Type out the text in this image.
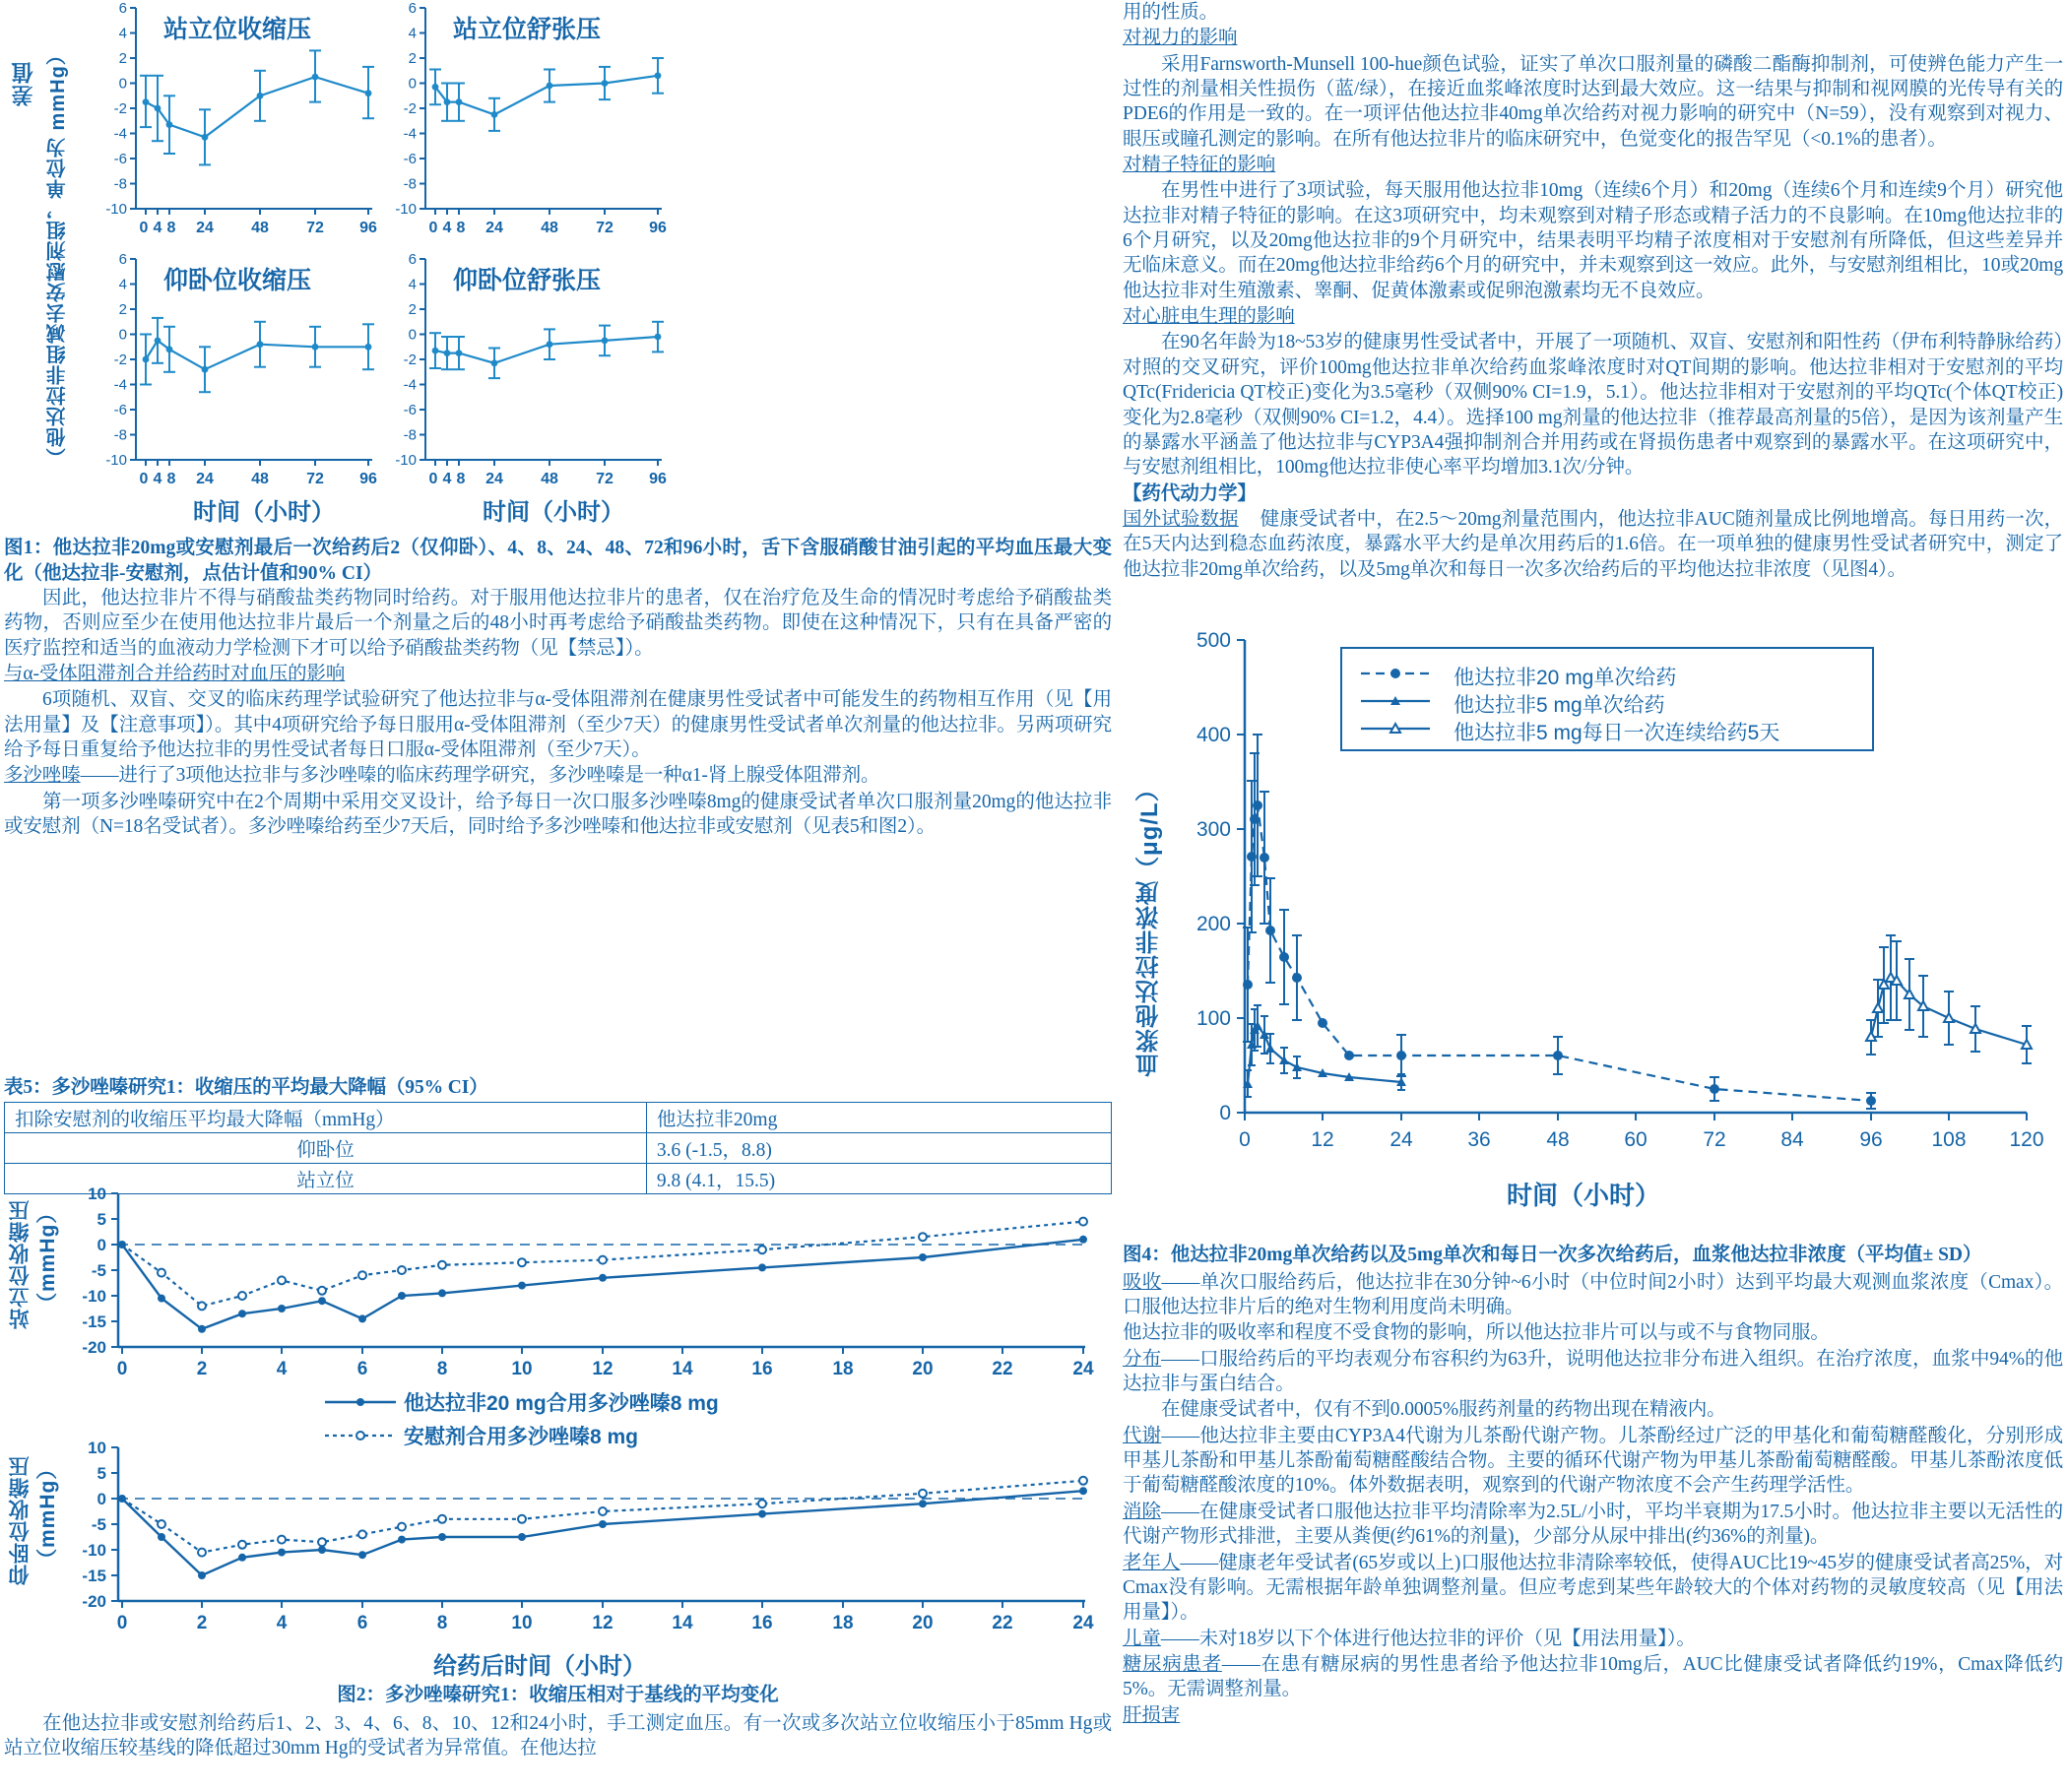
差值 （他达拉非组减去安慰剂组，单位为 mmHg）
站立位收缩压
6
4
2
0
-2
-4
-6
-8
-10
0 4 8 24 48 72 96
站立位舒张压
6
4
2
0
-2
-4
-6
-8
-10
0 4 8 24 48 72 96
仰卧位收缩压
6
4
2
0
-2
-4
-6
-8
-10
0 4 8 24 48 72 96
仰卧位舒张压
6
4
2
0
-2
-4
-6
-8
-10
0 4 8 24 48 72 96
时间（小时）	时间（小时）
图1：他达拉非20mg或安慰剂最后一次给药后2（仅仰卧）、4、8、24、48、72和96小时，舌下含服硝酸甘油引起的平均血压最大变化（他达拉非-安慰剂，点估计值和90% CI）

因此，他达拉非片不得与硝酸盐类药物同时给药。对于服用他达拉非片的患者，仅在治疗危及生命的情况时考虑给予硝酸盐类药物，否则应至少在使用他达拉非片最后一个剂量之后的48小时再考虑给予硝酸盐类药物。即使在这种情况下，只有在具备严密的医疗监控和适当的血液动力学检测下才可以给予硝酸盐类药物（见【禁忌】）。

与α-受体阻滞剂合并给药时对血压的影响

6项随机、双盲、交叉的临床药理学试验研究了他达拉非与α-受体阻滞剂在健康男性受试者中可能发生的药物相互作用（见【用法用量】及【注意事项】）。其中4项研究给予每日服用α-受体阻滞剂（至少7天）的健康男性受试者单次剂量的他达拉非。另两项研究给予每日重复给予他达拉非的男性受试者每日口服α-受体阻滞剂（至少7天）。

多沙唑嗪——进行了3项他达拉非与多沙唑嗪的临床药理学研究，多沙唑嗪是一种α1-肾上腺受体阻滞剂。

第一项多沙唑嗪研究中在2个周期中采用交叉设计，给予每日一次口服多沙唑嗪8mg的健康受试者单次口服剂量20mg的他达拉非或安慰剂（N=18名受试者）。多沙唑嗪给药至少7天后，同时给予多沙唑嗪和他达拉非或安慰剂（见表5和图2）。

表5：多沙唑嗪研究1：收缩压的平均最大降幅（95% CI）
扣除安慰剂的收缩压平均最大降幅（mmHg）	他达拉非20mg
仰卧位	3.6 (-1.5，8.8)
站立位	9.8 (4.1，15.5)
站立位收缩压 （mmHg）
10
5
0
-5
-10
-15
-20
0	2	4	6	8	10	12	14	16	18	20	22	24
他达拉非20 mg合用多沙唑嗪8 mg
安慰剂合用多沙唑嗪8 mg
仰卧位收缩压 （mmHg）
10
5
0
-5
-10
-15
-20
0	2	4	6	8	10	12	14	16	18	20	22	24
给药后时间（小时）
图2：多沙唑嗪研究1：收缩压相对于基线的平均变化

在他达拉非或安慰剂给药后1、2、3、4、6、8、10、12和24小时，手工测定血压。有一次或多次站立位收缩压小于85mm Hg或站立位收缩压较基线的降低超过30mm Hg的受试者为异常值。在他达拉

用的性质。

对视力的影响

采用Farnsworth-Munsell 100-hue颜色试验，证实了单次口服剂量的磷酸二酯酶抑制剂，可使辨色能力产生一过性的剂量相关性损伤（蓝/绿），在接近血浆峰浓度时达到最大效应。这一结果与抑制和视网膜的光传导有关的PDE6的作用是一致的。在一项评估他达拉非40mg单次给药对视力影响的研究中（N=59），没有观察到对视力、眼压或瞳孔测定的影响。在所有他达拉非片的临床研究中，色觉变化的报告罕见（<0.1%的患者）。

对精子特征的影响

在男性中进行了3项试验，每天服用他达拉非10mg（连续6个月）和20mg（连续6个月和连续9个月）研究他达拉非对精子特征的影响。在这3项研究中，均未观察到对精子形态或精子活力的不良影响。在10mg他达拉非的6个月研究，以及20mg他达拉非的9个月研究中，结果表明平均精子浓度相对于安慰剂有所降低，但这些差异并无临床意义。而在20mg他达拉非给药6个月的研究中，并未观察到这一效应。此外，与安慰剂组相比，10或20mg他达拉非对生殖激素、睾酮、促黄体激素或促卵泡激素均无不良效应。

对心脏电生理的影响

在90名年龄为18~53岁的健康男性受试者中，开展了一项随机、双盲、安慰剂和阳性药（伊布利特静脉给药）对照的交叉研究，评价100mg他达拉非单次给药血浆峰浓度时对QT间期的影响。他达拉非相对于安慰剂的平均QTc(Fridericia QT校正)变化为3.5毫秒（双侧90% CI=1.9，5.1）。他达拉非相对于安慰剂的平均QTc(个体QT校正)变化为2.8毫秒（双侧90% CI=1.2，4.4）。选择100 mg剂量的他达拉非（推荐最高剂量的5倍），是因为该剂量产生的暴露水平涵盖了他达拉非与CYP3A4强抑制剂合并用药或在肾损伤患者中观察到的暴露水平。在这项研究中，与安慰剂组相比，100mg他达拉非使心率平均增加3.1次/分钟。

【药代动力学】

国外试验数据 健康受试者中，在2.5～20mg剂量范围内，他达拉非AUC随剂量成比例地增高。每日用药一次，在5天内达到稳态血药浓度，暴露水平大约是单次用药后的1.6倍。在一项单独的健康男性受试者研究中，测定了他达拉非20mg单次给药，以及5mg单次和每日一次多次给药后的平均他达拉非浓度（见图4）。

血浆他达拉非浓度（μg/L）
0
100
200
300
400
500
0	12	24	36	48	60	72	84	96 108 120
他达拉非20 mg单次给药
他达拉非5 mg单次给药
他达拉非5 mg每日一次连续给药5天
时间（小时）
图4：他达拉非20mg单次给药以及5mg单次和每日一次多次给药后，血浆他达拉非浓度（平均值± SD）

吸收——单次口服给药后，他达拉非在30分钟~6小时（中位时间2小时）达到平均最大观测血浆浓度（Cmax）。口服他达拉非片后的绝对生物利用度尚未明确。

他达拉非的吸收率和程度不受食物的影响，所以他达拉非片可以与或不与食物同服。

分布——口服给药后的平均表观分布容积约为63升，说明他达拉非分布进入组织。在治疗浓度，血浆中94%的他达拉非与蛋白结合。

在健康受试者中，仅有不到0.0005%服药剂量的药物出现在精液内。

代谢——他达拉非主要由CYP3A4代谢为儿茶酚代谢产物。儿茶酚经过广泛的甲基化和葡萄糖醛酸化，分别形成甲基儿茶酚和甲基儿茶酚葡萄糖醛酸结合物。主要的循环代谢产物为甲基儿茶酚葡萄糖醛酸。甲基儿茶酚浓度低于葡萄糖醛酸浓度的10%。体外数据表明，观察到的代谢产物浓度不会产生药理学活性。

消除——在健康受试者口服他达拉非平均清除率为2.5L/小时，平均半衰期为17.5小时。他达拉非主要以无活性的代谢产物形式排泄，主要从粪便(约61%的剂量)，少部分从尿中排出(约36%的剂量)。

老年人——健康老年受试者(65岁或以上)口服他达拉非清除率较低，使得AUC比19~45岁的健康受试者高25%，对Cmax没有影响。无需根据年龄单独调整剂量。但应考虑到某些年龄较大的个体对药物的灵敏度较高（见【用法用量】）。

儿童——未对18岁以下个体进行他达拉非的评价（见【用法用量】）。

糖尿病患者——在患有糖尿病的男性患者给予他达拉非10mg后，AUC比健康受试者降低约19%，Cmax降低约5%。无需调整剂量。

肝损害
